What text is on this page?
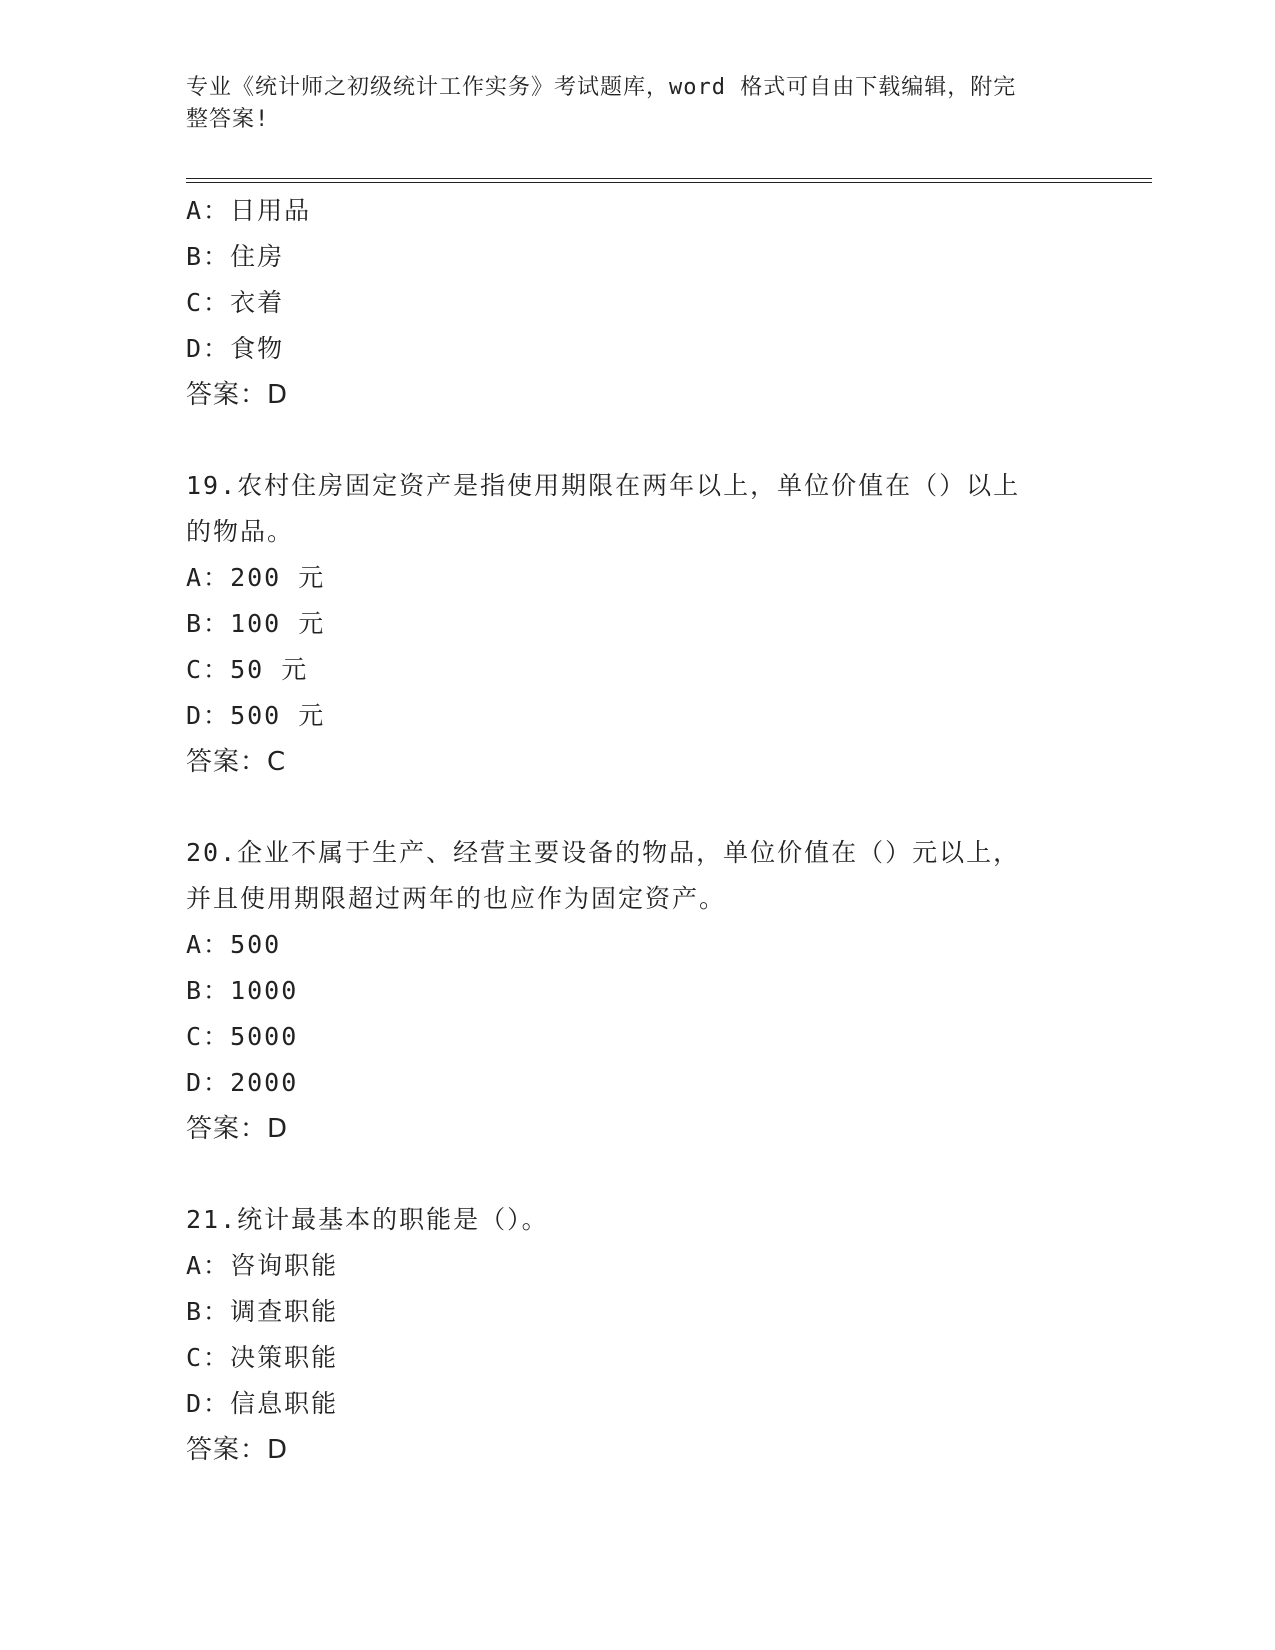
专业《统计师之初级统计工作实务》考试题库，word 格式可自由下载编辑，附完
整答案!
A：日用品
B：住房
C：衣着
D：食物
答案：D
19.农村住房固定资产是指使用期限在两年以上，单位价值在（）以上
的物品。
A：200 元
B：100 元
C：50 元
D：500 元
答案：C
20.企业不属于生产、经营主要设备的物品，单位价值在（）元以上，
并且使用期限超过两年的也应作为固定资产。
A：500
B：1000
C：5000
D：2000
答案：D
21.统计最基本的职能是（）。
A：咨询职能
B：调查职能
C：决策职能
D：信息职能
答案：D
